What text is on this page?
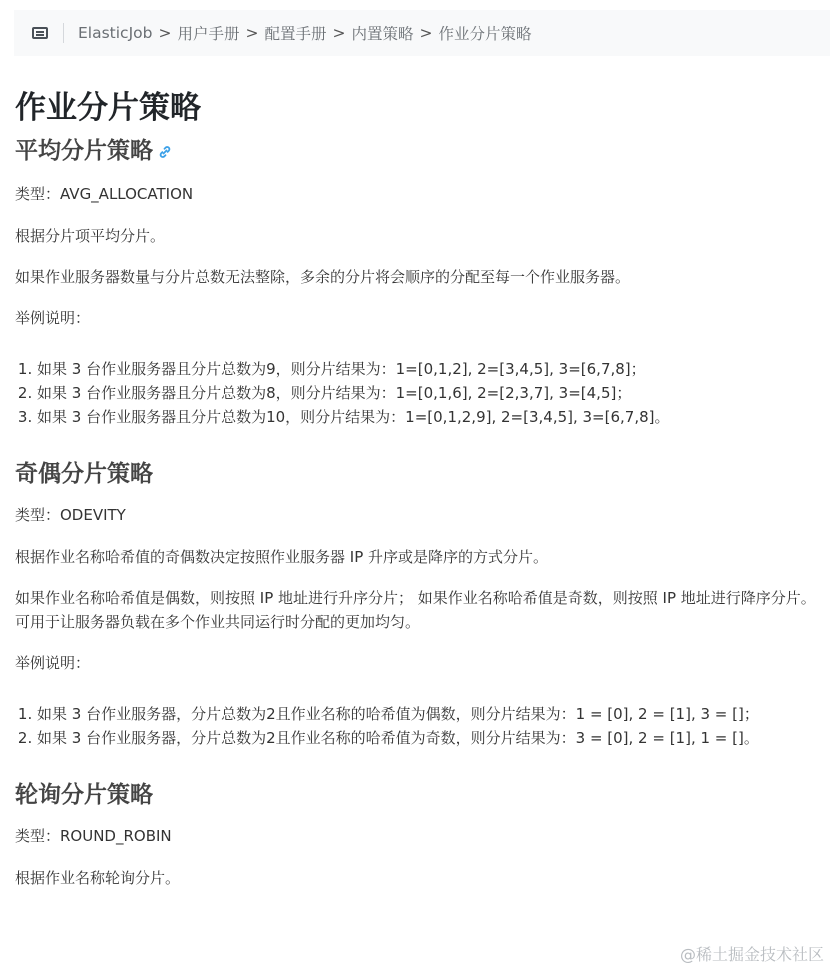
ElasticJob > 用户手册 > 配置手册 > 内置策略 > 作业分片策略
作业分片策略
平均分片策略

类型：AVG_ALLOCATION

根据分片项平均分片。

如果作业服务器数量与分片总数无法整除，多余的分片将会顺序的分配至每一个作业服务器。

举例说明：

1. 如果 3 台作业服务器且分片总数为9，则分片结果为：1=[0,1,2], 2=[3,4,5], 3=[6,7,8]；
2. 如果 3 台作业服务器且分片总数为8，则分片结果为：1=[0,1,6], 2=[2,3,7], 3=[4,5]；
3. 如果 3 台作业服务器且分片总数为10，则分片结果为：1=[0,1,2,9], 2=[3,4,5], 3=[6,7,8]。
奇偶分片策略

类型：ODEVITY

根据作业名称哈希值的奇偶数决定按照作业服务器 IP 升序或是降序的方式分片。

如果作业名称哈希值是偶数，则按照 IP 地址进行升序分片； 如果作业名称哈希值是奇数，则按照 IP 地址进行降序分片。 可用于让服务器负载在多个作业共同运行时分配的更加均匀。

举例说明：

1. 如果 3 台作业服务器，分片总数为2且作业名称的哈希值为偶数，则分片结果为：1 = [0], 2 = [1], 3 = []；
2. 如果 3 台作业服务器，分片总数为2且作业名称的哈希值为奇数，则分片结果为：3 = [0], 2 = [1], 1 = []。
轮询分片策略

类型：ROUND_ROBIN

根据作业名称轮询分片。

@稀土掘金技术社区
